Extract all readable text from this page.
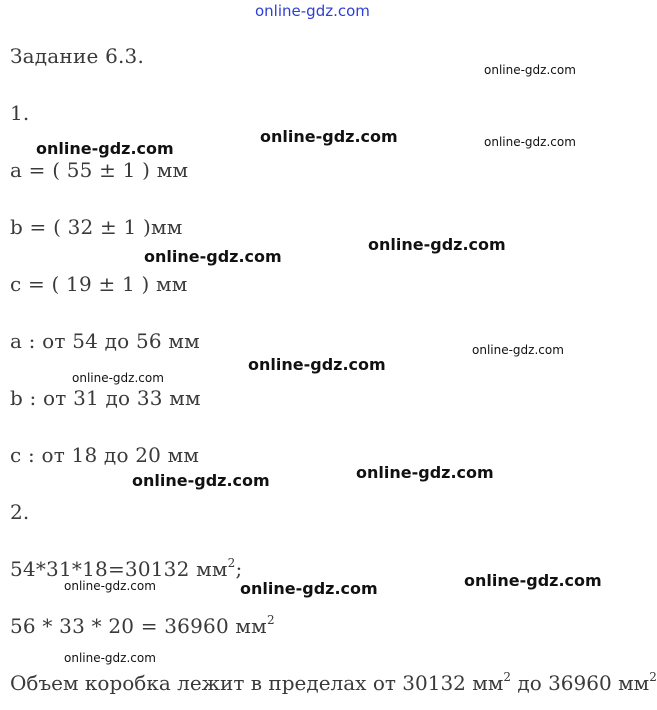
online-gdz.com
Задание 6.3.
1.
a = ( 55 ± 1 ) мм
b = ( 32 ± 1 )мм
c = ( 19 ± 1 ) мм
a : от 54 до 56 мм
b : от 31 до 33 мм
c : от 18 до 20 мм
2.
54*31*18=30132 $мм^2$;
56 * 33 * 20 = 36960 $мм^2$
Объем коробка лежит в пределах от 30132 $мм^2$ до 36960 $мм^2$
online-gdz.com
online-gdz.com	online-gdz.com
online-gdz.com
online-gdz.com
online-gdz.com
online-gdz.com
online-gdz.com
online-gdz.com
online-gdz.com
online-gdz.com
online-gdz.com
online-gdz.com	online-gdz.com
online-gdz.com
